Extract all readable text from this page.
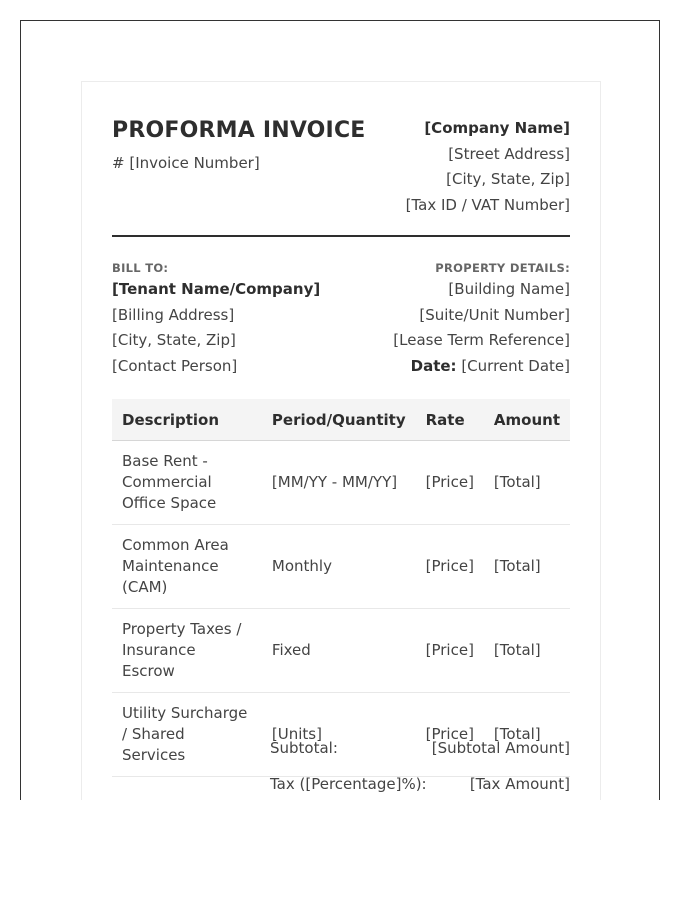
PROFORMA INVOICE
# [Invoice Number]
[Company Name]
[Street Address]
[City, State, Zip]
[Tax ID / VAT Number]
BILL TO:
[Tenant Name/Company]
[Billing Address]
[City, State, Zip]
[Contact Person]
PROPERTY DETAILS:
[Building Name]
[Suite/Unit Number]
[Lease Term Reference]
Date: [Current Date]
Description	Period/Quantity	Rate	Amount
Base Rent - Commercial Office Space	[MM/YY - MM/YY]	[Price]	[Total]
Common Area Maintenance (CAM)	Monthly	[Price]	[Total]
Property Taxes / Insurance Escrow	Fixed	[Price]	[Total]
Utility Surcharge / Shared Services	[Units]	[Price]	[Total]
Subtotal:	[Subtotal Amount]
Tax ([Percentage]%):	[Tax Amount]
